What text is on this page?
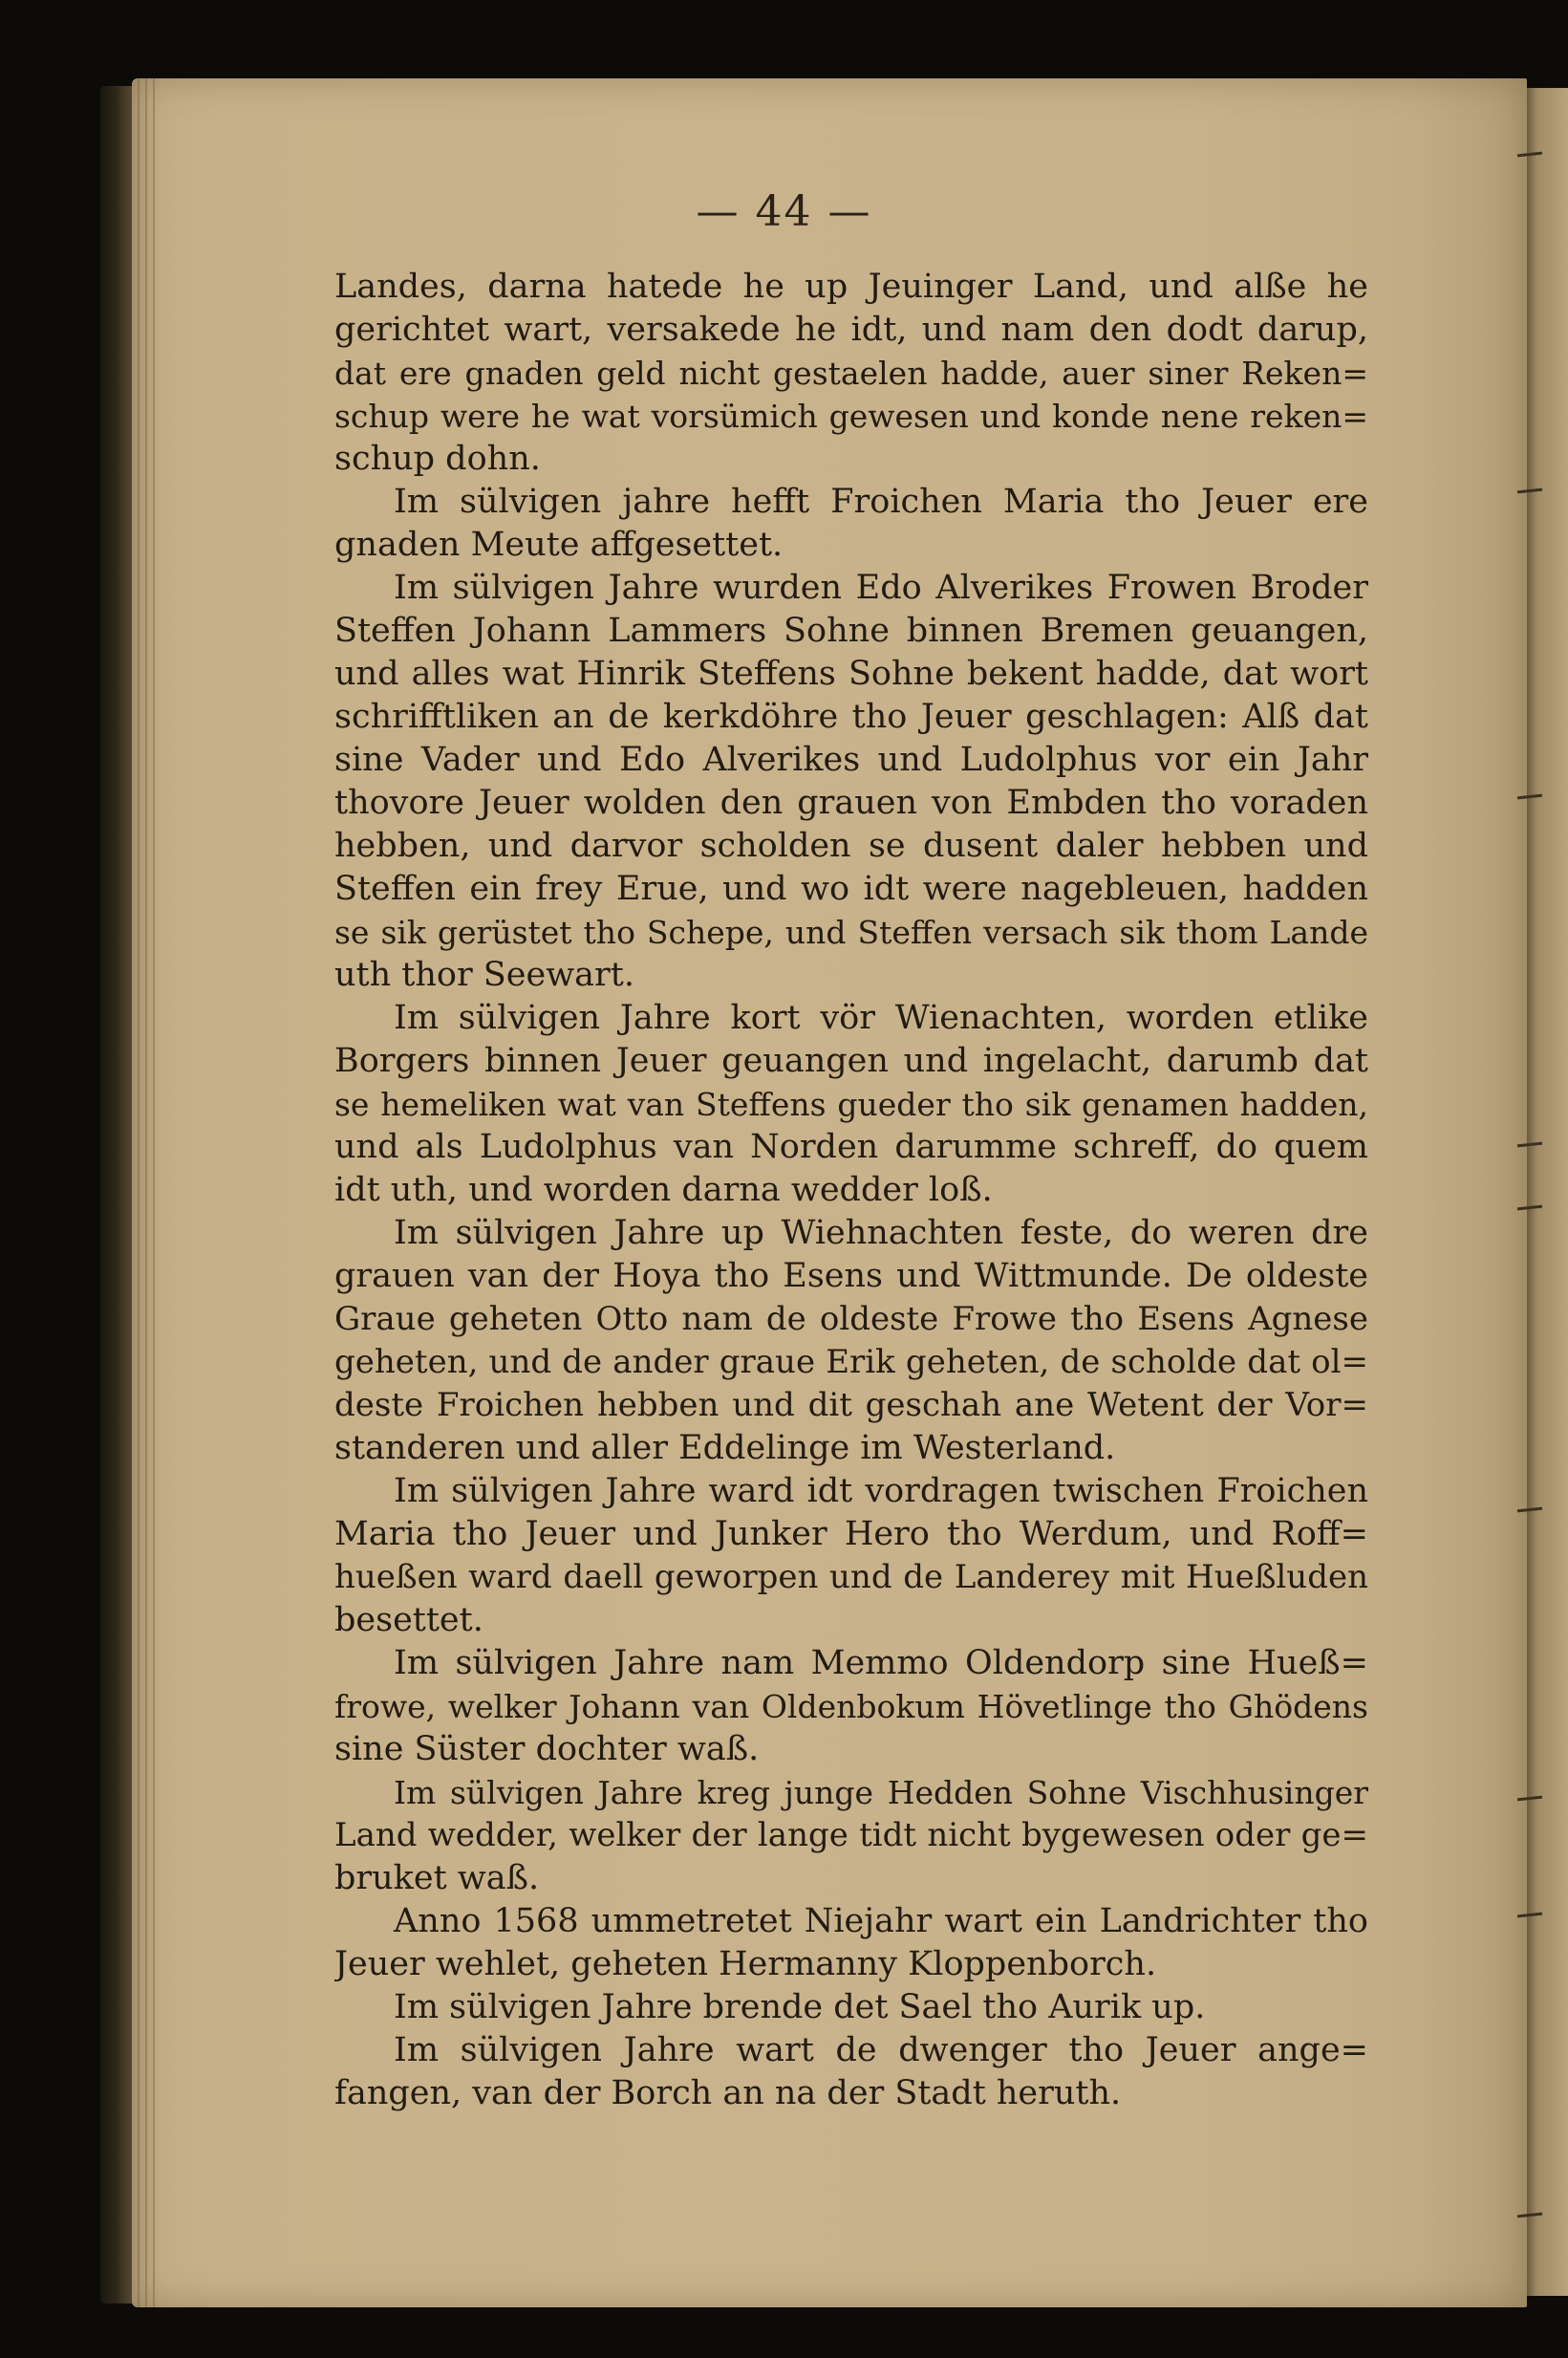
— 44 —
Landes, darna hatede he up Jeuinger Land, und alße he
gerichtet wart, versakede he idt, und nam den dodt darup,
dat ere gnaden geld nicht gestaelen hadde, auer siner Reken=
schup were he wat vorsümich gewesen und konde nene reken=
schup dohn.
Im sülvigen jahre hefft Froichen Maria tho Jeuer ere
gnaden Meute affgesettet.
Im sülvigen Jahre wurden Edo Alverikes Frowen Broder
Steffen Johann Lammers Sohne binnen Bremen geuangen,
und alles wat Hinrik Steffens Sohne bekent hadde, dat wort
schrifftliken an de kerkdöhre tho Jeuer geschlagen: Alß dat
sine Vader und Edo Alverikes und Ludolphus vor ein Jahr
thovore Jeuer wolden den grauen von Embden tho voraden
hebben, und darvor scholden se dusent daler hebben und
Steffen ein frey Erue, und wo idt were nagebleuen, hadden
se sik gerüstet tho Schepe, und Steffen versach sik thom Lande
uth thor Seewart.
Im sülvigen Jahre kort vör Wienachten, worden etlike
Borgers binnen Jeuer geuangen und ingelacht, darumb dat
se hemeliken wat van Steffens gueder tho sik genamen hadden,
und als Ludolphus van Norden darumme schreff, do quem
idt uth, und worden darna wedder loß.
Im sülvigen Jahre up Wiehnachten feste, do weren dre
grauen van der Hoya tho Esens und Wittmunde. De oldeste
Graue geheten Otto nam de oldeste Frowe tho Esens Agnese
geheten, und de ander graue Erik geheten, de scholde dat ol=
deste Froichen hebben und dit geschah ane Wetent der Vor=
standeren und aller Eddelinge im Westerland.
Im sülvigen Jahre ward idt vordragen twischen Froichen
Maria tho Jeuer und Junker Hero tho Werdum, und Roff=
hueßen ward daell geworpen und de Landerey mit Hueßluden
besettet.
Im sülvigen Jahre nam Memmo Oldendorp sine Hueß=
frowe, welker Johann van Oldenbokum Hövetlinge tho Ghödens
sine Süster dochter waß.
Im sülvigen Jahre kreg junge Hedden Sohne Vischhusinger
Land wedder, welker der lange tidt nicht bygewesen oder ge=
bruket waß.
Anno 1568 ummetretet Niejahr wart ein Landrichter tho
Jeuer wehlet, geheten Hermanny Kloppenborch.
Im sülvigen Jahre brende det Sael tho Aurik up.
Im sülvigen Jahre wart de dwenger tho Jeuer ange=
fangen, van der Borch an na der Stadt heruth.
